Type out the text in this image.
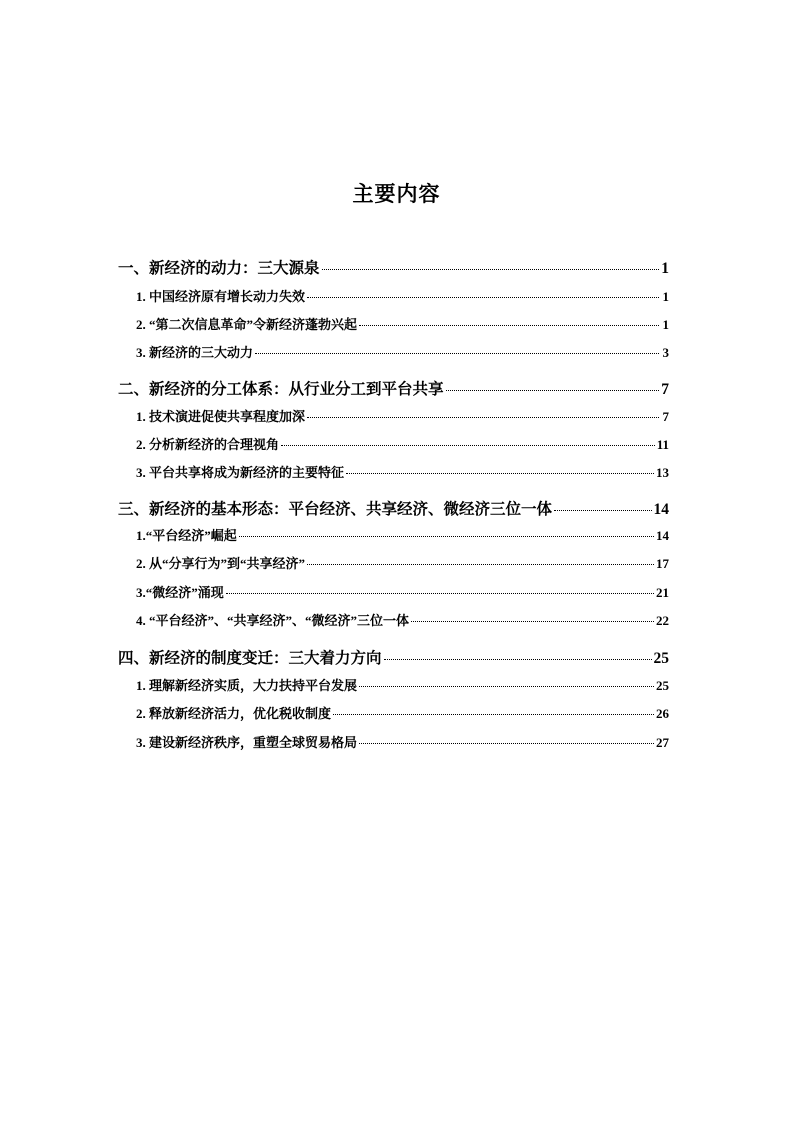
主要内容
一、新经济的动力：三大源泉	1
1. 中国经济原有增长动力失效	1
2. “第二次信息革命”令新经济蓬勃兴起	1
3. 新经济的三大动力	3
二、新经济的分工体系：从行业分工到平台共享	7
1. 技术演进促使共享程度加深	7
2. 分析新经济的合理视角	11
3. 平台共享将成为新经济的主要特征	13
三、新经济的基本形态：平台经济、共享经济、微经济三位一体	14
1.“平台经济”崛起	14
2. 从“分享行为”到“共享经济”	17
3.“微经济”涌现	21
4. “平台经济”、“共享经济”、“微经济”三位一体	22
四、新经济的制度变迁：三大着力方向	25
1. 理解新经济实质，大力扶持平台发展	25
2. 释放新经济活力，优化税收制度	26
3. 建设新经济秩序，重塑全球贸易格局	27
